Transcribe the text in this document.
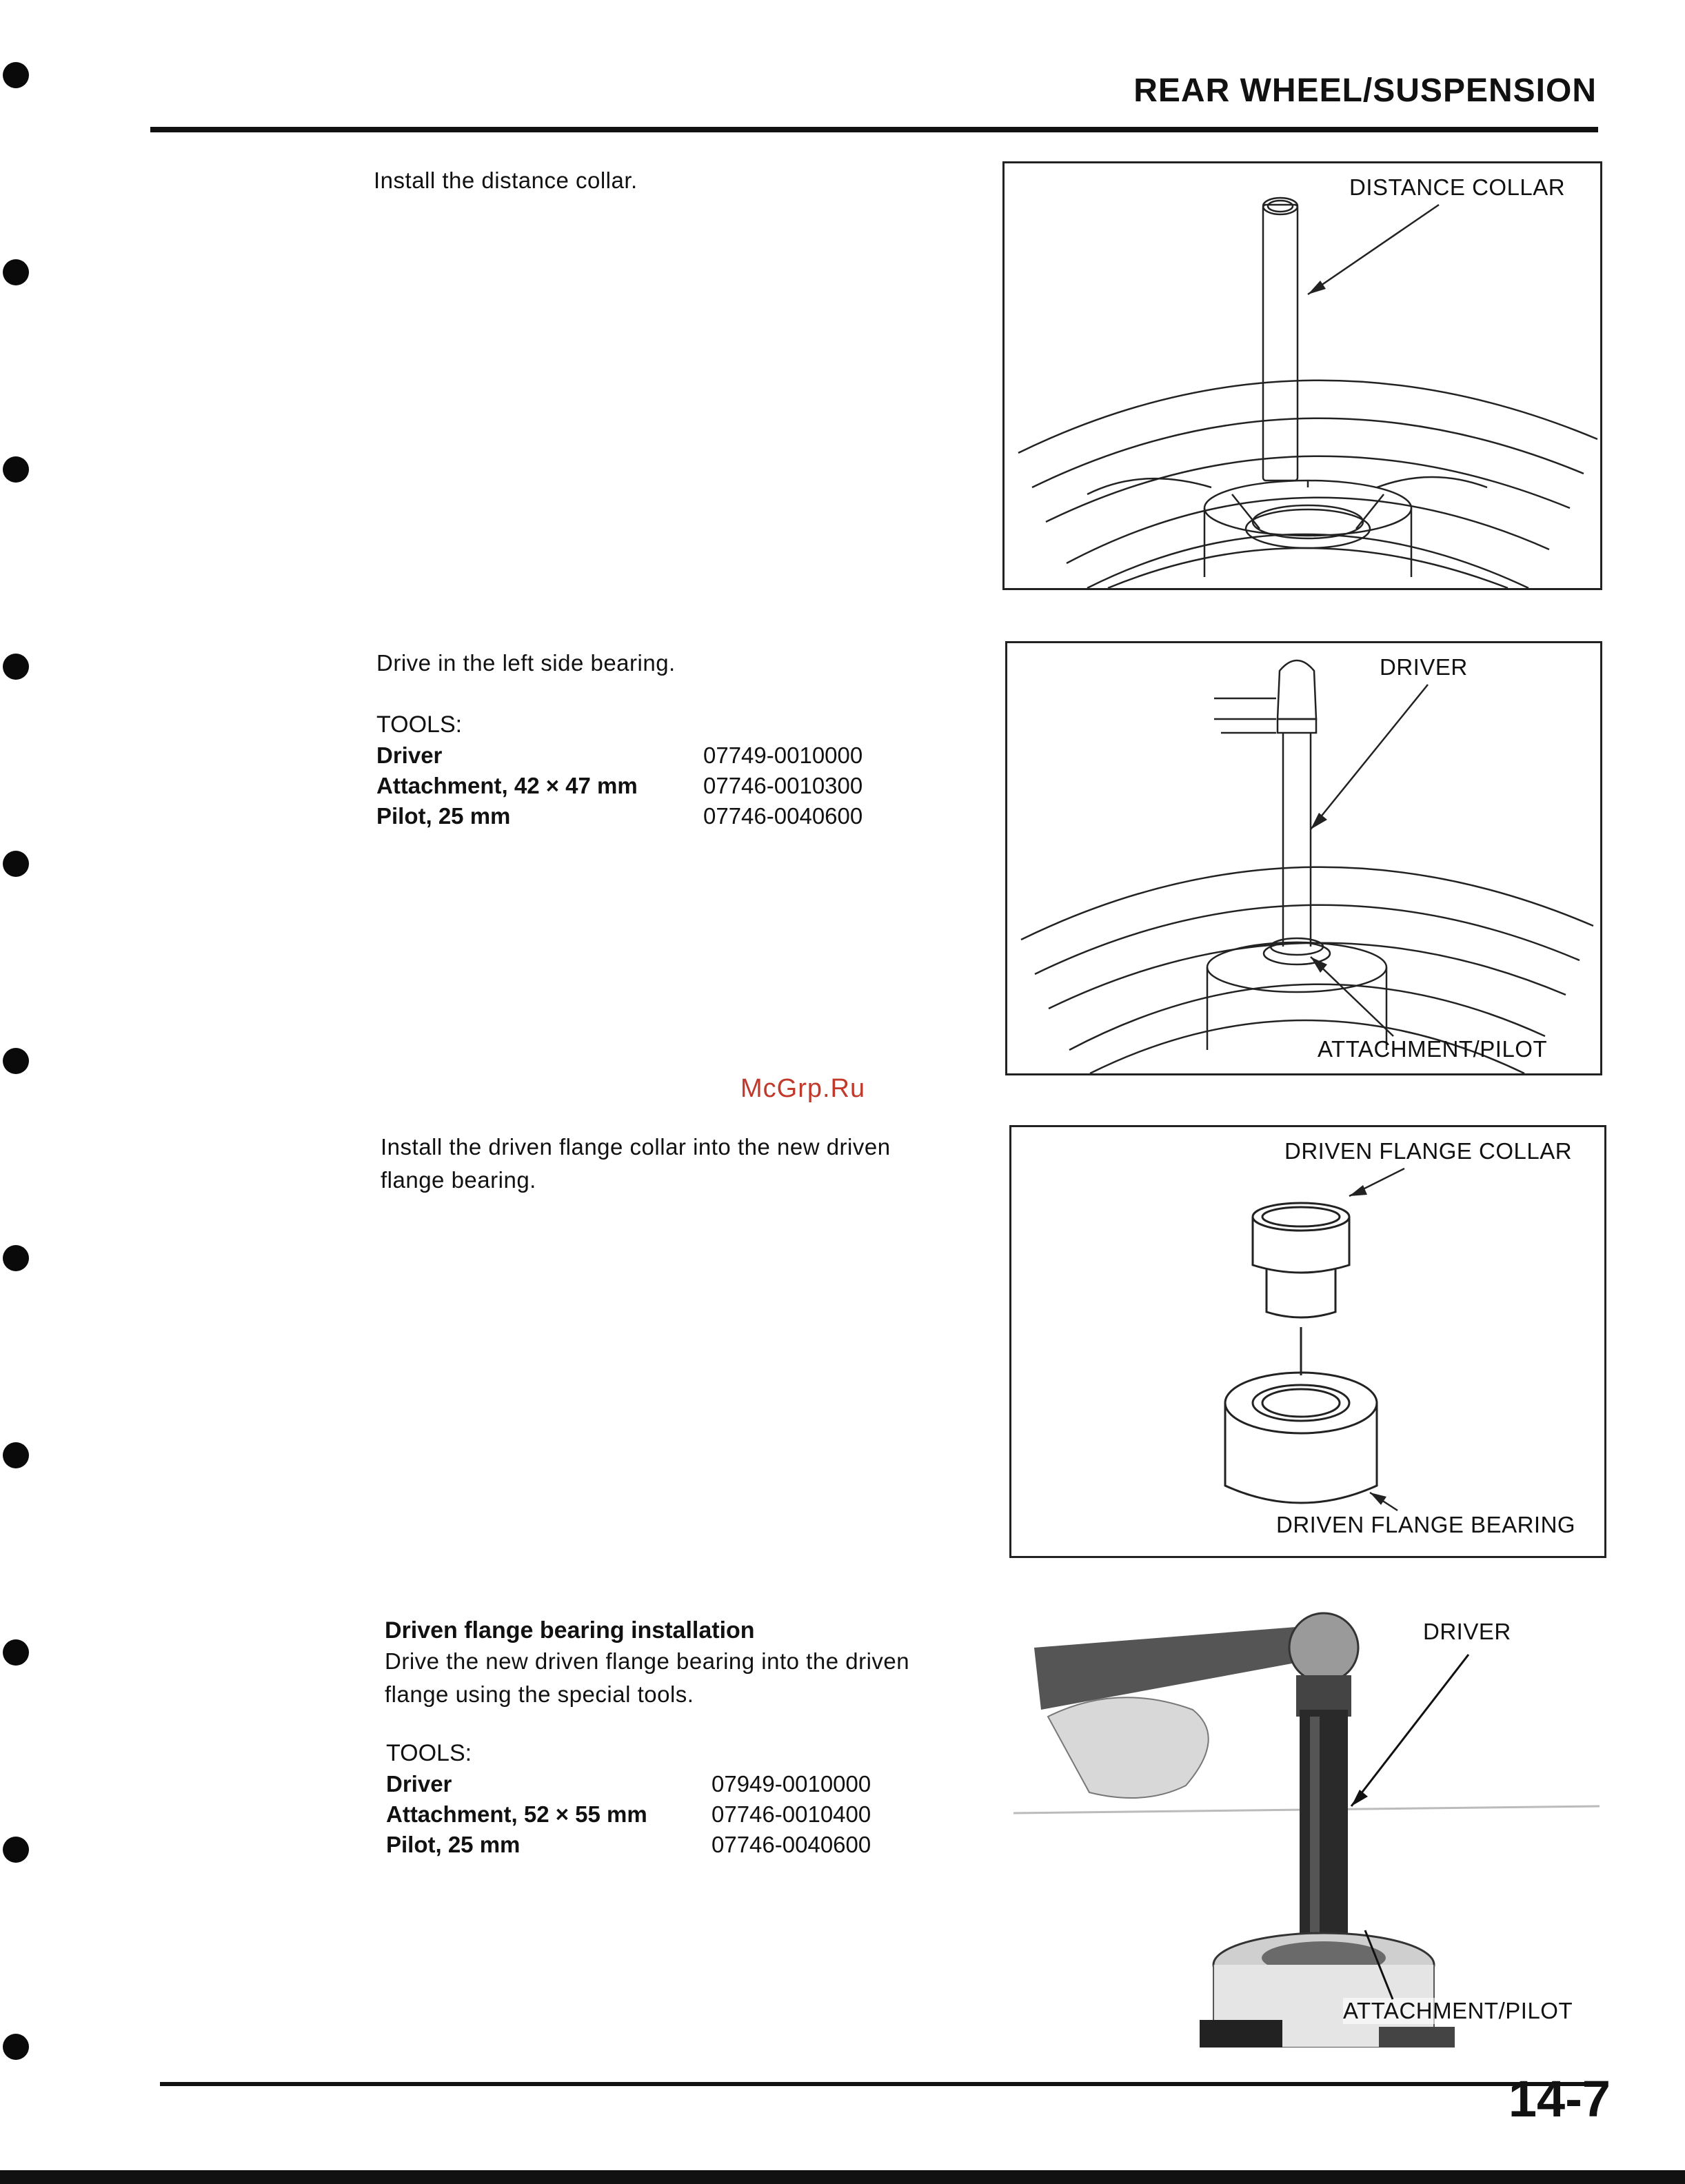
REAR WHEEL/SUSPENSION
Install the distance collar.	DISTANCE COLLAR
Drive in the left side bearing.
TOOLS:
Driver	07749-0010000
Attachment, 42 × 47 mm	07746-0010300
Pilot, 25 mm	07746-0040600
DRIVER
ATTACHMENT/PILOT
McGrp.Ru
Install the driven flange collar into the new driven
flange bearing.
DRIVEN FLANGE COLLAR
DRIVEN FLANGE BEARING
Driven flange bearing installation
Drive the new driven flange bearing into the driven
flange using the special tools.
TOOLS:
Driver	07949-0010000
Attachment, 52 × 55 mm	07746-0010400
Pilot, 25 mm	07746-0040600
DRIVER
ATTACHMENT/PILOT
14-7
